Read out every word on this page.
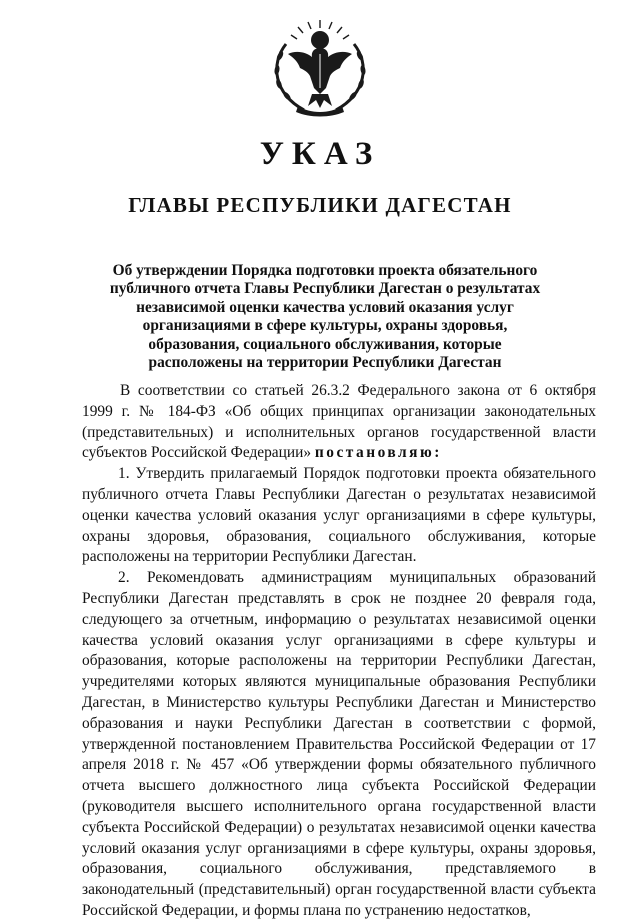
УКАЗ
ГЛАВЫ РЕСПУБЛИКИ ДАГЕСТАН
Об утверждении Порядка подготовки проекта обязательного публичного отчета Главы Республики Дагестан о результатах независимой оценки качества условий оказания услуг организациями в сфере культуры, охраны здоровья, образования, социального обслуживания, которые расположены на территории Республики Дагестан

В соответствии со статьей 26.3.2 Федерального закона от 6 октября 1999 г. № 184-ФЗ «Об общих принципах организации законодательных (представительных) и исполнительных органов государственной власти субъектов Российской Федерации» постановляю:

1. Утвердить прилагаемый Порядок подготовки проекта обязательного публичного отчета Главы Республики Дагестан о результатах независимой оценки качества условий оказания услуг организациями в сфере культуры, охраны здоровья, образования, социального обслуживания, которые расположены на территории Республики Дагестан.

2. Рекомендовать администрациям муниципальных образований Республики Дагестан представлять в срок не позднее 20 февраля года, следующего за отчетным, информацию о результатах независимой оценки качества условий оказания услуг организациями в сфере культуры и образования, которые расположены на территории Республики Дагестан, учредителями которых являются муниципальные образования Республики Дагестан, в Министерство культуры Республики Дагестан и Министерство образования и науки Республики Дагестан в соответствии с формой, утвержденной постановлением Правительства Российской Федерации от 17 апреля 2018 г. № 457 «Об утверждении формы обязательного публичного отчета высшего должностного лица субъекта Российской Федерации (руководителя высшего исполнительного органа государственной власти субъекта Российской Федерации) о результатах независимой оценки качества условий оказания услуг организациями в сфере культуры, охраны здоровья, образования, социального обслуживания, представляемого в законодательный (представительный) орган государственной власти субъекта Российской Федерации, и формы плана по устранению недостатков,
